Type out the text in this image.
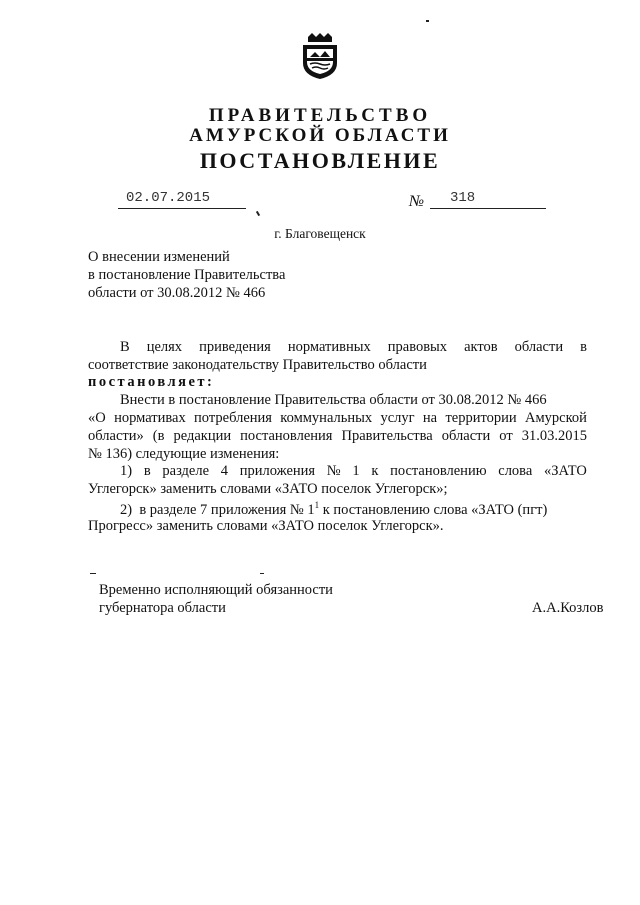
ПРАВИТЕЛЬСТВО
АМУРСКОЙ ОБЛАСТИ
ПОСТАНОВЛЕНИЕ
02.07.2015	№	318
г. Благовещенск
О внесении изменений
в постановление Правительства
области от 30.08.2012 № 466
В целях приведения нормативных правовых актов области в
соответствие законодательству Правительство области
постановляет:
Внести в постановление Правительства области от 30.08.2012 № 466
«О нормативах потребления коммунальных услуг на территории Амурской
области» (в редакции постановления Правительства области от 31.03.2015
№ 136) следующие изменения:
1) в разделе 4 приложения № 1 к постановлению слова «ЗАТО
Углегорск» заменить словами «ЗАТО поселок Углегорск»;
2)  в разделе 7 приложения № $1^1$ к постановлению слова «ЗАТО (пгт)
Прогресс» заменить словами «ЗАТО поселок Углегорск».
Временно исполняющий обязанности
губернатора области	А.А.Козлов
